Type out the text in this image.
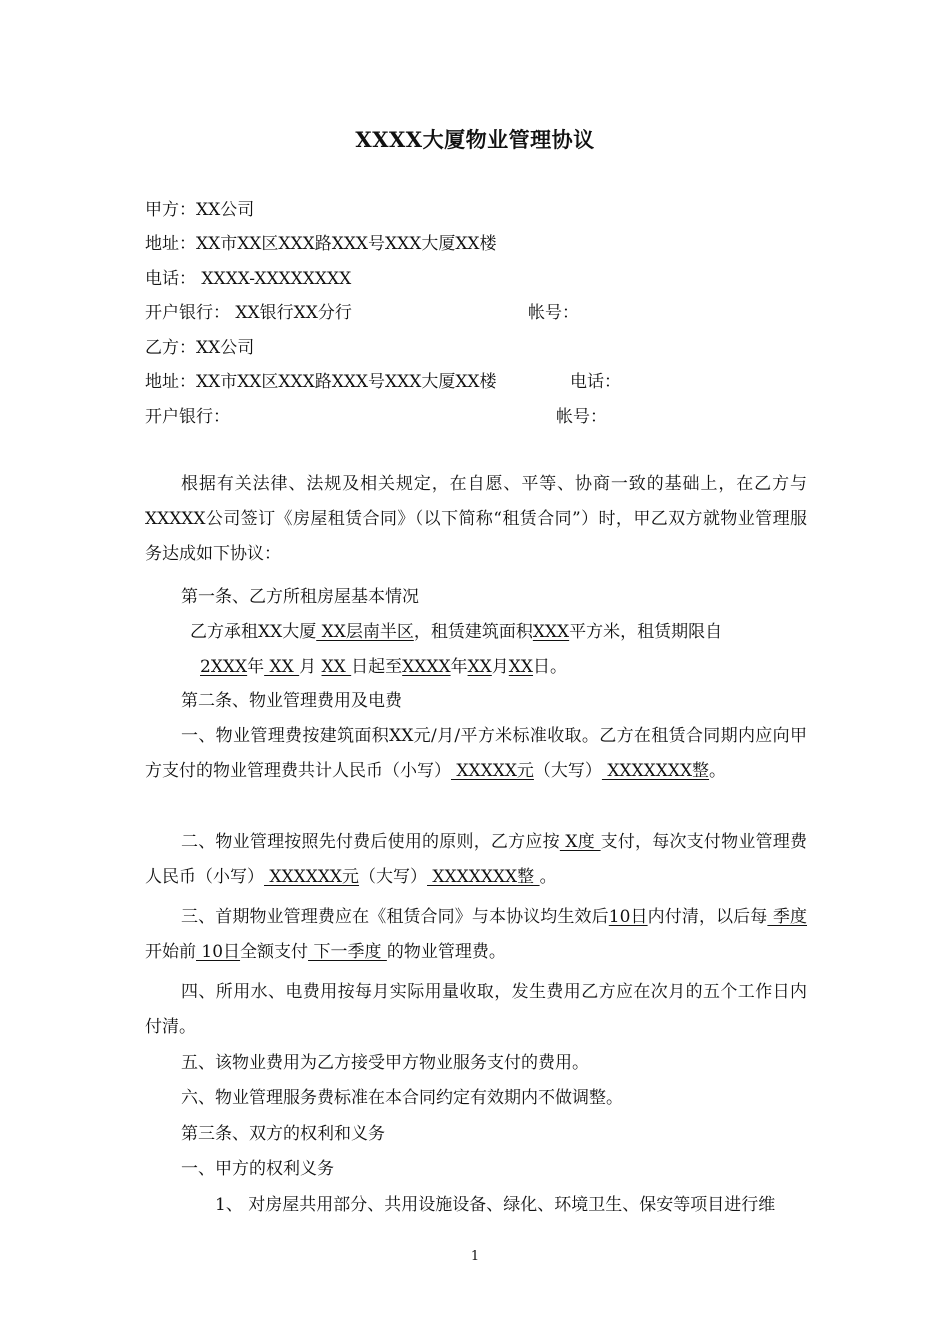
XXXX大厦物业管理协议
甲方：XX公司
地址：XX市XX区XXX路XXX号XXX大厦XX楼
电话： XXXX-XXXXXXXX
开户银行： XX银行XX分行	帐号：
乙方：XX公司
地址：XX市XX区XXX路XXX号XXX大厦XX楼	电话：
开户银行：	帐号：
根据有关法律、法规及相关规定，在自愿、平等、协商一致的基础上，在乙方与XXXXX公司签订《房屋租赁合同》（以下简称“租赁合同”）时，甲乙双方就物业管理服务达成如下协议：
第一条、乙方所租房屋基本情况
乙方承租XX大厦 XX层南半区，租赁建筑面积XXX平方米，租赁期限自
2XXX年 XX 月 XX 日起至XXXX年XX月XX日。
第二条、物业管理费用及电费
一、物业管理费按建筑面积XX元/月/平方米标准收取。乙方在租赁合同期内应向甲方支付的物业管理费共计人民币（小写） XXXXX元（大写） XXXXXXX整。
二、物业管理按照先付费后使用的原则，乙方应按 X度 支付，每次支付物业管理费人民币（小写） XXXXXX元（大写） XXXXXXX整 。
三、首期物业管理费应在《租赁合同》与本协议均生效后10日内付清，以后每 季度 开始前 10日全额支付 下一季度 的物业管理费。
四、所用水、电费用按每月实际用量收取，发生费用乙方应在次月的五个工作日内付清。
五、该物业费用为乙方接受甲方物业服务支付的费用。
六、物业管理服务费标准在本合同约定有效期内不做调整。
第三条、双方的权利和义务
一、甲方的权利义务
1、 对房屋共用部分、共用设施设备、绿化、环境卫生、保安等项目进行维
1
